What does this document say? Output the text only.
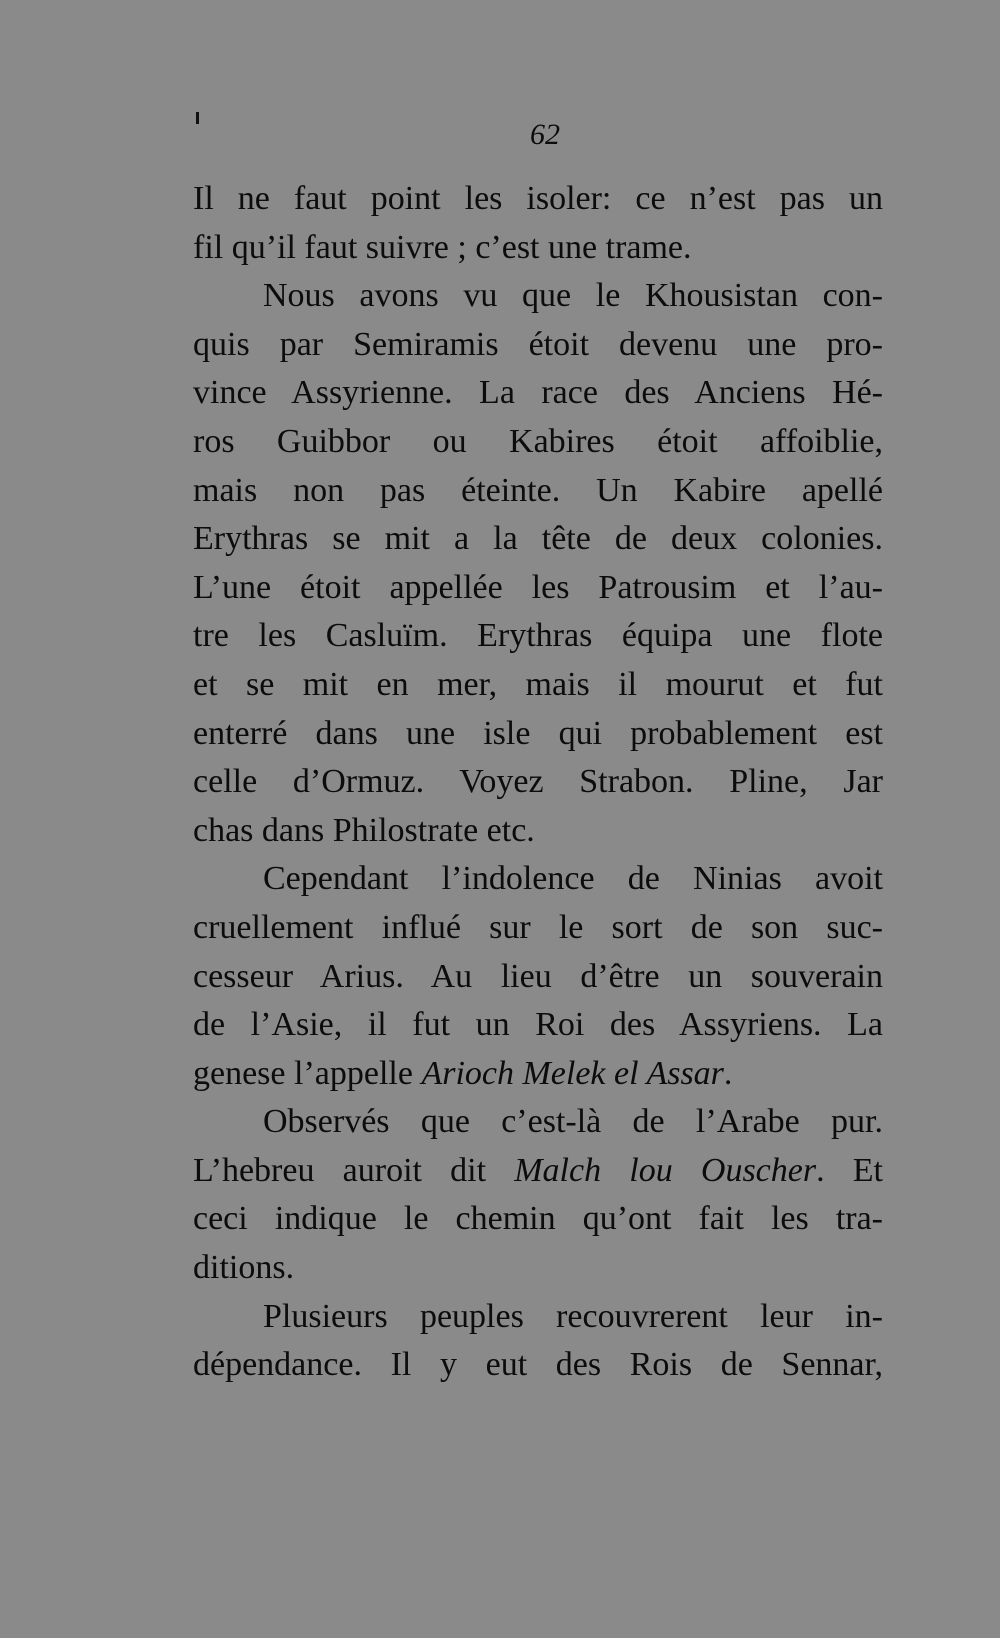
62
Il ne faut point les isoler: ce n’est pas un
fil qu’il faut suivre ; c’est une trame.
Nous avons vu que le Khousistan con-
quis par Semiramis étoit devenu une pro-
vince Assyrienne. La race des Anciens Hé-
ros Guibbor ou Kabires étoit affoiblie,
mais non pas éteinte. Un Kabire apellé
Erythras se mit a la tête de deux colonies.
L’une étoit appellée les Patrousim et l’au-
tre les Casluïm. Erythras équipa une flote
et se mit en mer, mais il mourut et fut
enterré dans une isle qui probablement est
celle d’Ormuz. Voyez Strabon. Pline, Jar
chas dans Philostrate etc.
Cependant l’indolence de Ninias avoit
cruellement influé sur le sort de son suc-
cesseur Arius. Au lieu d’être un souverain
de l’Asie, il fut un Roi des Assyriens. La
genese l’appelle Arioch Melek el Assar.
Observés que c’est-là de l’Arabe pur.
L’hebreu auroit dit Malch lou Ouscher. Et
ceci indique le chemin qu’ont fait les tra-
ditions.
Plusieurs peuples recouvrerent leur in-
dépendance. Il y eut des Rois de Sennar,
